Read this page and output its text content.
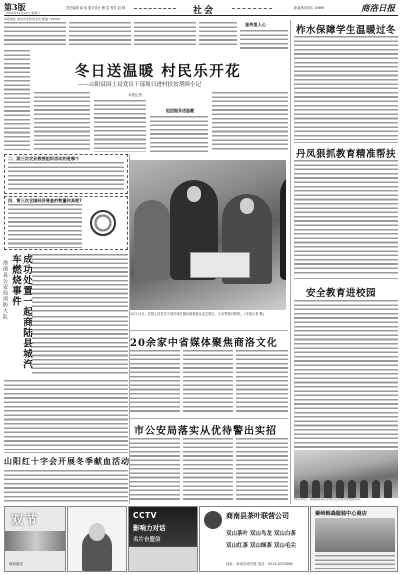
第3版
2014年12月13日 星期六
责任编辑 郝 组 版式设计 鲍 雷 校对 赵 晓	社会	新闻热线电话 15669	商洛日报
本报地址 商洛市北新街北段 邮编 726000
星传里人心
冬日送温暖 村民乐开花
——山阳县国土局党员干部周日进村扶贫帮困小记
本报记者
组团服务送温暖
12月11日，县国土局党员干部在城关镇向困难群众送去棉衣、大米等慰问物资。 (本报记者 摄)
二、面三次农业教授组织活动的是哪个
四、第三次全国经济普查的数量何具呢?
成功处置一起商陆县城汽车燃烧事件
洛南县公安局消防大队
山阳红十字会开展冬季献血活动
20余家中省媒体聚焦商洛文化
市公安局落实从优待警出实招
柞水保障学生温暖过冬
丹凤狠抓教育精准帮扶
安全教育进校园
12月11日，洛南县实验小学举行安全教育进校园活动。
双节
商洛丽宝
CCTV
影响力对话
名片台盟信
商南县茶叶联营公司
双山茶叶 双山鸟龙 双山白茶
双山红茶 双山绿茶 双山毛尖
地址：商南县城关镇 电话：0914-6322888
秦岭韩森服装中心商店
